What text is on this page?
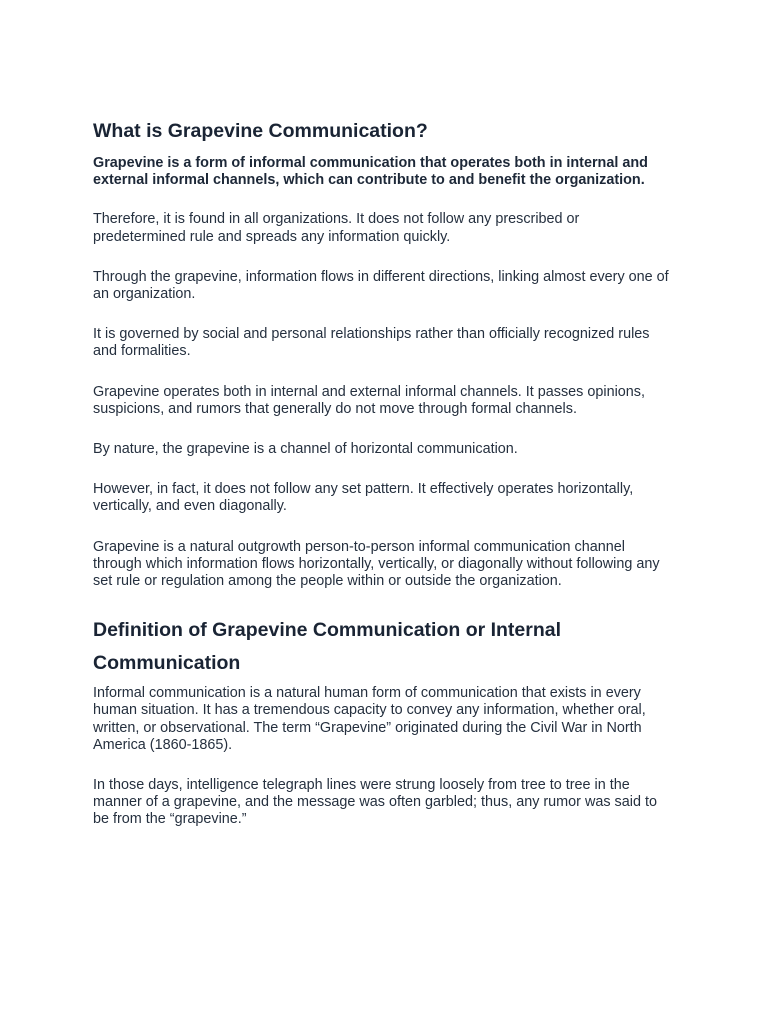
What is Grapevine Communication?

Grapevine is a form of informal communication that operates both in internal and external informal channels, which can contribute to and benefit the organization.

Therefore, it is found in all organizations. It does not follow any prescribed or predetermined rule and spreads any information quickly.

Through the grapevine, information flows in different directions, linking almost every one of an organization.

It is governed by social and personal relationships rather than officially recognized rules and formalities.

Grapevine operates both in internal and external informal channels. It passes opinions, suspicions, and rumors that generally do not move through formal channels.

By nature, the grapevine is a channel of horizontal communication.

However, in fact, it does not follow any set pattern. It effectively operates horizontally, vertically, and even diagonally.

Grapevine is a natural outgrowth person-to-person informal communication channel through which information flows horizontally, vertically, or diagonally without following any set rule or regulation among the people within or outside the organization.

Definition of Grapevine Communication or Internal Communication

Informal communication is a natural human form of communication that exists in every human situation. It has a tremendous capacity to convey any information, whether oral, written, or observational. The term “Grapevine” originated during the Civil War in North America (1860-1865).

In those days, intelligence telegraph lines were strung loosely from tree to tree in the manner of a grapevine, and the message was often garbled; thus, any rumor was said to be from the “grapevine.”
